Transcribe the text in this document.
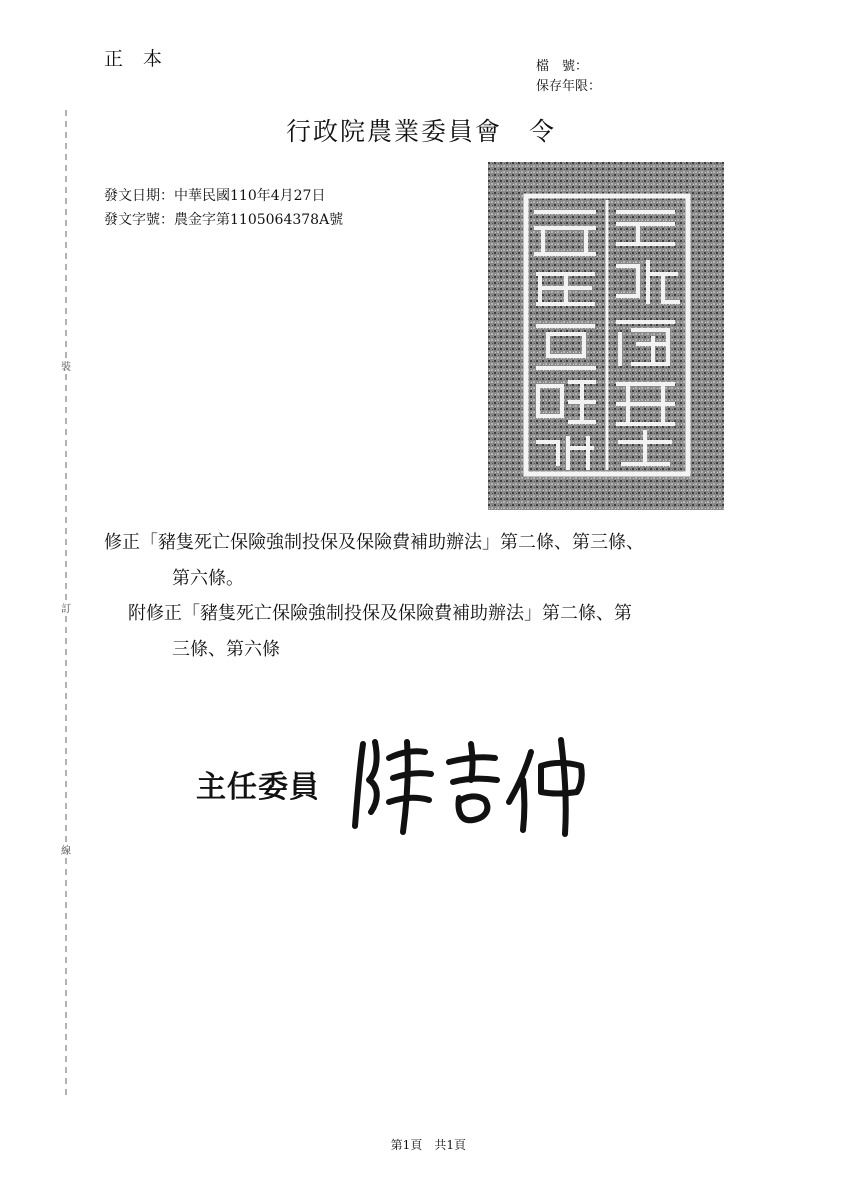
正本	檔　號：
保存年限：
行政院農業委員會　令
發文日期：中華民國110年4月27日
發文字號：農金字第1105064378A號
修正「豬隻死亡保險強制投保及保險費補助辦法」第二條、第三條、
第六條。
附修正「豬隻死亡保險強制投保及保險費補助辦法」第二條、第
三條、第六條
主任委員
裝
訂
線

第1頁 共1頁
